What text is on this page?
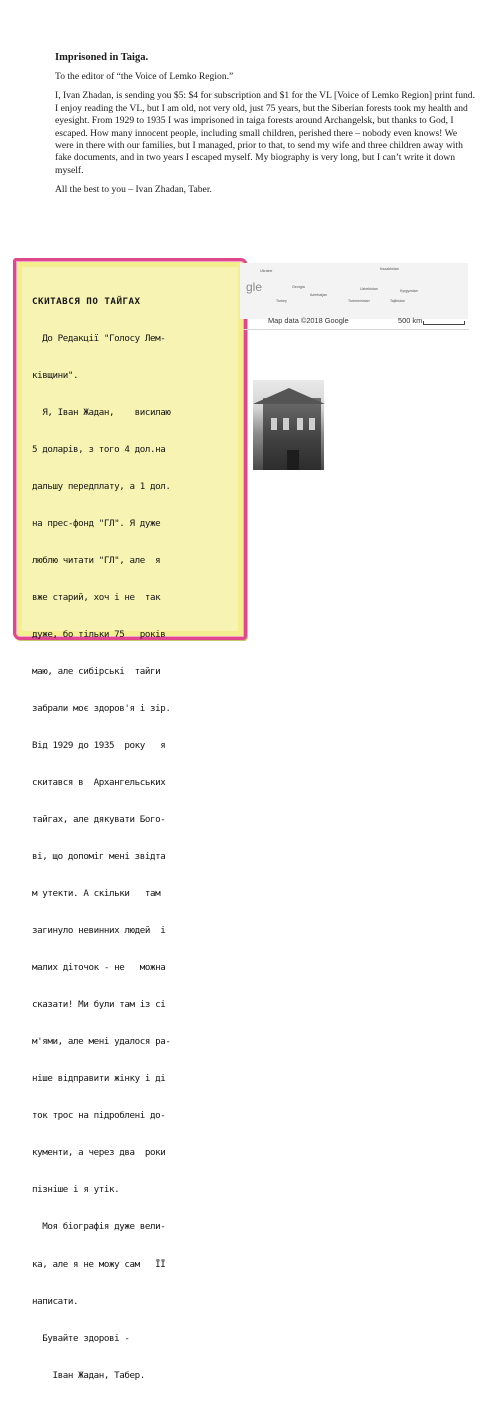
Imprisoned in Taiga.

To the editor of “the Voice of Lemko Region.”

I, Ivan Zhadan, is sending you $5: $4 for subscription and $1 for the VL [Voice of Lemko Region] print fund. I enjoy reading the VL, but I am old, not very old, just 75 years, but the Siberian forests took my health and eyesight. From 1929 to 1935 I was imprisoned in taiga forests around Archangelsk, but thanks to God, I escaped. How many innocent people, including small children, perished there – nobody even knows! We were in there with our families, but I managed, prior to that, to send my wife and three children away with fake documents, and in two years I escaped myself. My biography is very long, but I can’t write it down myself.

All the best to you – Ivan Zhadan, Taber.

СКИТАВСЯ ПО ТАЙГАХ

До Редакції "Голосу Лем-

ківщини".

Я, Іван Жадан,    висилаю

5 доларів, з того 4 дол.на

дальшу передплату, а 1 дол.

на прес-фонд "ГЛ". Я дуже

люблю читати "ГЛ", але  я

вже старий, хоч і не  так

дуже, бо тільки 75   років

маю, але сибірські  тайги

забрали моє здоров'я і зір.

Від 1929 до 1935  року   я

скитався в  Архангельських

тайгах, але дякувати Бого-

ві, що допоміг мені звідта

м утекти. А скільки   там

загинуло невинних людей  і

малих діточок - не   можна

сказати! Ми були там із сі

м'ями, але мені удалося ра-

ніше відправити жінку і ді

ток трос на підроблені до-

кументи, а через два  роки

пізніше і я утік.

Моя біографія дуже вели-

ка, але я не можу сам   ЇЇ

написати.

Бувайте здорові -

Іван Жадан, Табер.

Ukraine	Kazakhstan
Georgia	Uzbekistan	Kyrgyzstan
Azerbaijan
Turkey	Turkmenistan	Tajikistan
gle
Map data ©2018 Google	500 km
